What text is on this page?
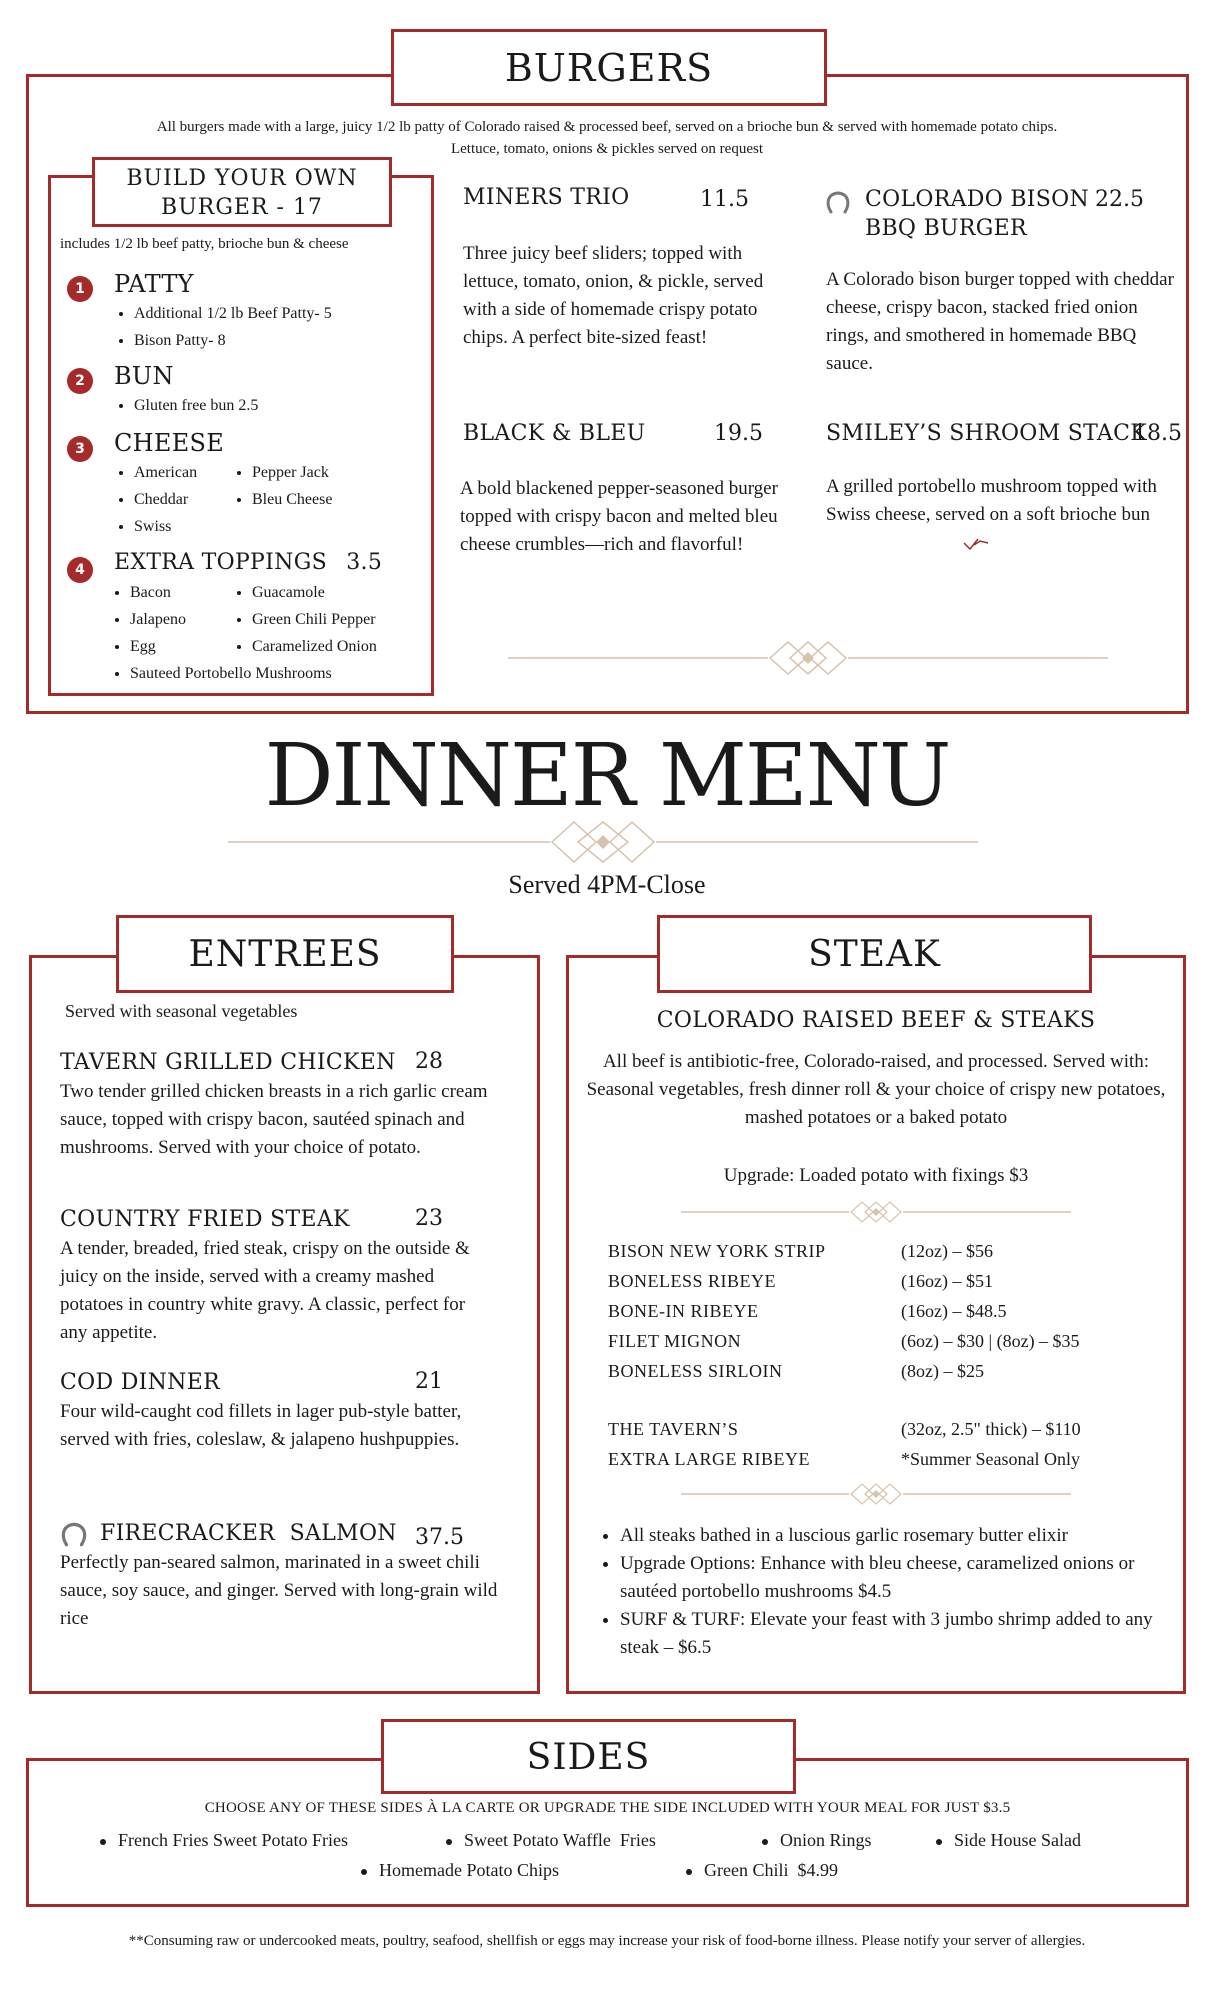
BURGERS
All burgers made with a large, juicy 1/2 lb patty of Colorado raised & processed beef, served on a brioche bun & served with homemade potato chips.
Lettuce, tomato, onions & pickles served on request
BUILD YOUR OWN
BURGER - 17
includes 1/2 lb beef patty, brioche bun & cheese
1	PATTY
• Additional 1/2 lb Beef Patty- 5
• Bison Patty- 8
2	BUN
• Gluten free bun 2.5
3	CHEESE
• American
• Cheddar
• Swiss
• Pepper Jack
• Bleu Cheese
4	EXTRA TOPPINGS 3.5
• Bacon
• Jalapeno
• Egg
• Sauteed Portobello Mushrooms
• Guacamole
• Green Chili Pepper
• Caramelized Onion
MINERS TRIO	11.5
Three juicy beef sliders; topped with lettuce, tomato, onion, & pickle, served with a side of homemade crispy potato chips. A perfect bite-sized feast!
COLORADO BISON
BBQ BURGER
22.5
A Colorado bison burger topped with cheddar cheese, crispy bacon, stacked fried onion rings, and smothered in homemade BBQ sauce.
BLACK & BLEU	19.5
A bold blackened pepper-seasoned burger topped with crispy bacon and melted bleu cheese crumbles—rich and flavorful!
SMILEY’S SHROOM STACK
18.5
A grilled portobello mushroom topped with Swiss cheese, served on a soft brioche bun
DINNER MENU
Served 4PM-Close
ENTREES
Served with seasonal vegetables
TAVERN GRILLED CHICKEN 28
Two tender grilled chicken breasts in a rich garlic cream sauce, topped with crispy bacon, sautéed spinach and mushrooms. Served with your choice of potato.
COUNTRY FRIED STEAK	23
A tender, breaded, fried steak, crispy on the outside & juicy on the inside, served with a creamy mashed potatoes in country white gravy. A classic, perfect for any appetite.
COD DINNER	21
Four wild-caught cod fillets in lager pub-style batter, served with fries, coleslaw, & jalapeno hushpuppies.
FIRECRACKER  SALMON 37.5
Perfectly pan-seared salmon, marinated in a sweet chili sauce, soy sauce, and ginger. Served with long-grain wild rice
STEAK
COLORADO RAISED BEEF & STEAKS
All beef is antibiotic-free, Colorado-raised, and processed. Served with: Seasonal vegetables, fresh dinner roll & your choice of crispy new potatoes, mashed potatoes or a baked potato
Upgrade: Loaded potato with fixings $3
BISON NEW YORK STRIP	(12oz) – $56
BONELESS RIBEYE	(16oz) – $51
BONE-IN RIBEYE	(16oz) – $48.5
FILET MIGNON	(6oz) – $30 | (8oz) – $35
BONELESS SIRLOIN	(8oz) – $25
THE TAVERN’S	(32oz, 2.5" thick) – $110
EXTRA LARGE RIBEYE	*Summer Seasonal Only
• All steaks bathed in a luscious garlic rosemary butter elixir
• Upgrade Options: Enhance with bleu cheese, caramelized onions or sautéed portobello mushrooms $4.5
• SURF & TURF: Elevate your feast with 3 jumbo shrimp added to any steak – $6.5
SIDES
CHOOSE ANY OF THESE SIDES À LA CARTE OR UPGRADE THE SIDE INCLUDED WITH YOUR MEAL FOR JUST $3.5
French Fries Sweet Potato Fries	Sweet Potato Waffle  Fries	Onion Rings	Side House Salad
Homemade Potato Chips	Green Chili  $4.99
**Consuming raw or undercooked meats, poultry, seafood, shellfish or eggs may increase your risk of food-borne illness. Please notify your server of allergies.
